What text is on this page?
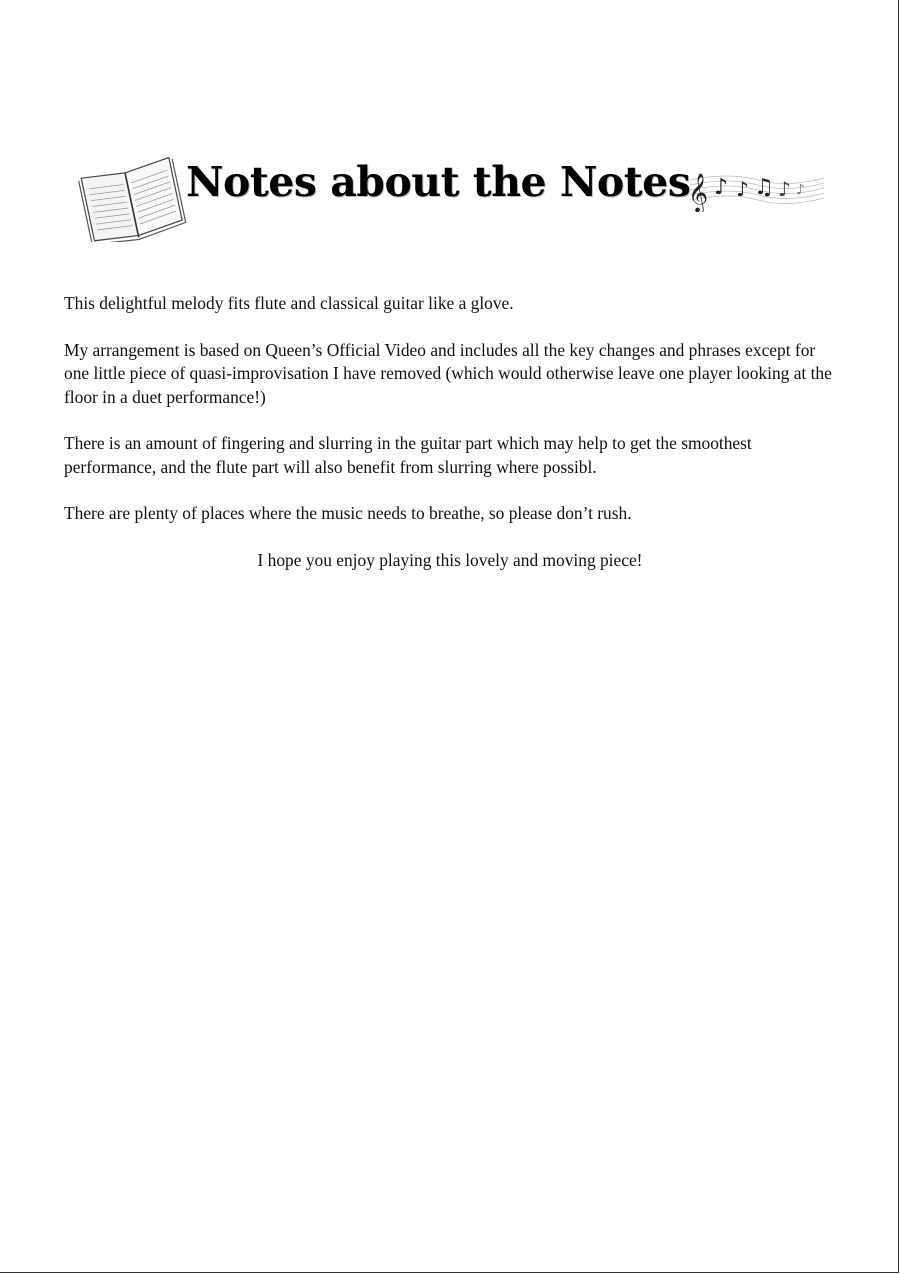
Notes about the Notes
𝄞 ♪ ♪ ♫ ♪ ♪

This delightful melody fits flute and classical guitar like a glove.

My arrangement is based on Queen’s Official Video and includes all the key changes and phrases except for one little piece of quasi-improvisation I have removed (which would otherwise leave one player looking at the floor in a duet performance!)

There is an amount of fingering and slurring in the guitar part which may help to get the smoothest performance, and the flute part will also benefit from slurring where possibl.

There are plenty of places where the music needs to breathe, so please don’t rush.

I hope you enjoy playing this lovely and moving piece!
